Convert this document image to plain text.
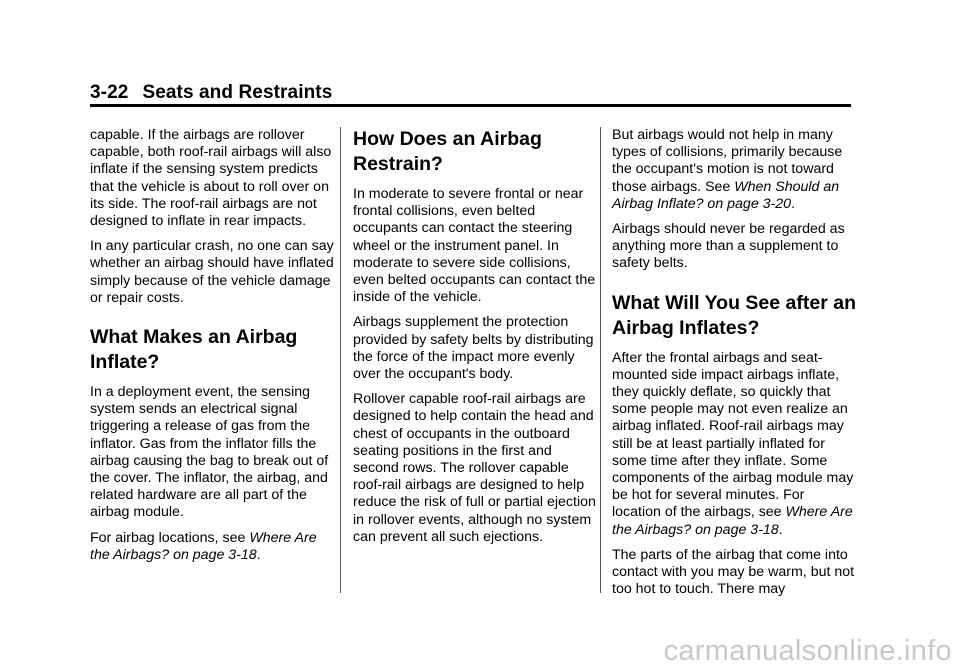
3-22 Seats and Restraints

capable. If the airbags are rollover capable, both roof-rail airbags will also inflate if the sensing system predicts that the vehicle is about to roll over on its side. The roof-rail airbags are not designed to inflate in rear impacts.

In any particular crash, no one can say whether an airbag should have inflated simply because of the vehicle damage or repair costs.

What Makes an Airbag Inflate?

In a deployment event, the sensing system sends an electrical signal triggering a release of gas from the inflator. Gas from the inflator fills the airbag causing the bag to break out of the cover. The inflator, the airbag, and related hardware are all part of the airbag module.

For airbag locations, see Where Are the Airbags? on page 3-18.

How Does an Airbag Restrain?

In moderate to severe frontal or near frontal collisions, even belted occupants can contact the steering wheel or the instrument panel. In moderate to severe side collisions, even belted occupants can contact the inside of the vehicle.

Airbags supplement the protection provided by safety belts by distributing the force of the impact more evenly over the occupant's body.

Rollover capable roof-rail airbags are designed to help contain the head and chest of occupants in the outboard seating positions in the first and second rows. The rollover capable roof-rail airbags are designed to help reduce the risk of full or partial ejection in rollover events, although no system can prevent all such ejections.

But airbags would not help in many types of collisions, primarily because the occupant's motion is not toward those airbags. See When Should an Airbag Inflate? on page 3-20.

Airbags should never be regarded as anything more than a supplement to safety belts.

What Will You See after an Airbag Inflates?

After the frontal airbags and seat-mounted side impact airbags inflate, they quickly deflate, so quickly that some people may not even realize an airbag inflated. Roof-rail airbags may still be at least partially inflated for some time after they inflate. Some components of the airbag module may be hot for several minutes. For location of the airbags, see Where Are the Airbags? on page 3-18.

The parts of the airbag that come into contact with you may be warm, but not too hot to touch. There may

carmanualsonline.info
